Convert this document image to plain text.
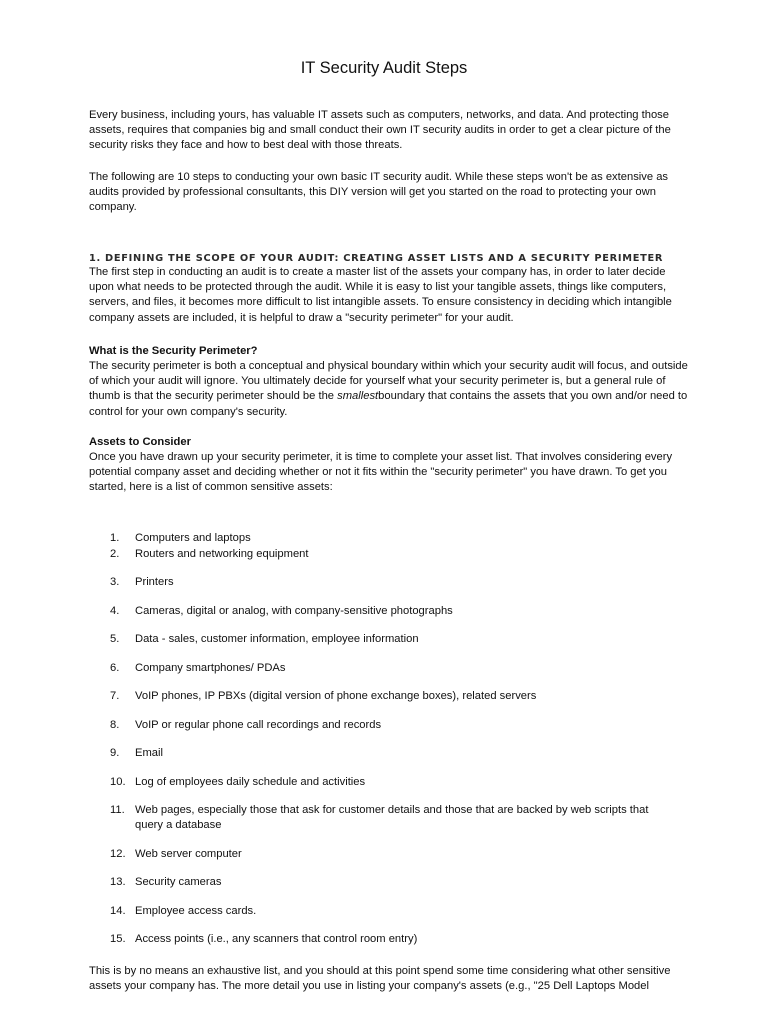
IT Security Audit Steps

Every business, including yours, has valuable IT assets such as computers, networks, and data. And protecting those assets, requires that companies big and small conduct their own IT security audits in order to get a clear picture of the security risks they face and how to best deal with those threats.

The following are 10 steps to conducting your own basic IT security audit. While these steps won't be as extensive as audits provided by professional consultants, this DIY version will get you started on the road to protecting your own company.

1. DEFINING THE SCOPE OF YOUR AUDIT: CREATING ASSET LISTS AND A SECURITY PERIMETER

The first step in conducting an audit is to create a master list of the assets your company has, in order to later decide upon what needs to be protected through the audit. While it is easy to list your tangible assets, things like computers, servers, and files, it becomes more difficult to list intangible assets. To ensure consistency in deciding which intangible company assets are included, it is helpful to draw a "security perimeter" for your audit.

What is the Security Perimeter?

The security perimeter is both a conceptual and physical boundary within which your security audit will focus, and outside of which your audit will ignore. You ultimately decide for yourself what your security perimeter is, but a general rule of thumb is that the security perimeter should be the smallestboundary that contains the assets that you own and/or need to control for your own company's security.

Assets to Consider

Once you have drawn up your security perimeter, it is time to complete your asset list. That involves considering every potential company asset and deciding whether or not it fits within the "security perimeter" you have drawn. To get you started, here is a list of common sensitive assets:

1.	Computers and laptops
2.	Routers and networking equipment
3.	Printers
4.	Cameras, digital or analog, with company-sensitive photographs
5.	Data - sales, customer information, employee information
6.	Company smartphones/ PDAs
7.	VoIP phones, IP PBXs (digital version of phone exchange boxes), related servers
8.	VoIP or regular phone call recordings and records
9.	Email
10. Log of employees daily schedule and activities
11. Web pages, especially those that ask for customer details and those that are backed by web scripts that query a database
12. Web server computer
13. Security cameras
14. Employee access cards.
15. Access points (i.e., any scanners that control room entry)

This is by no means an exhaustive list, and you should at this point spend some time considering what other sensitive assets your company has. The more detail you use in listing your company's assets (e.g., "25 Dell Laptops Model
